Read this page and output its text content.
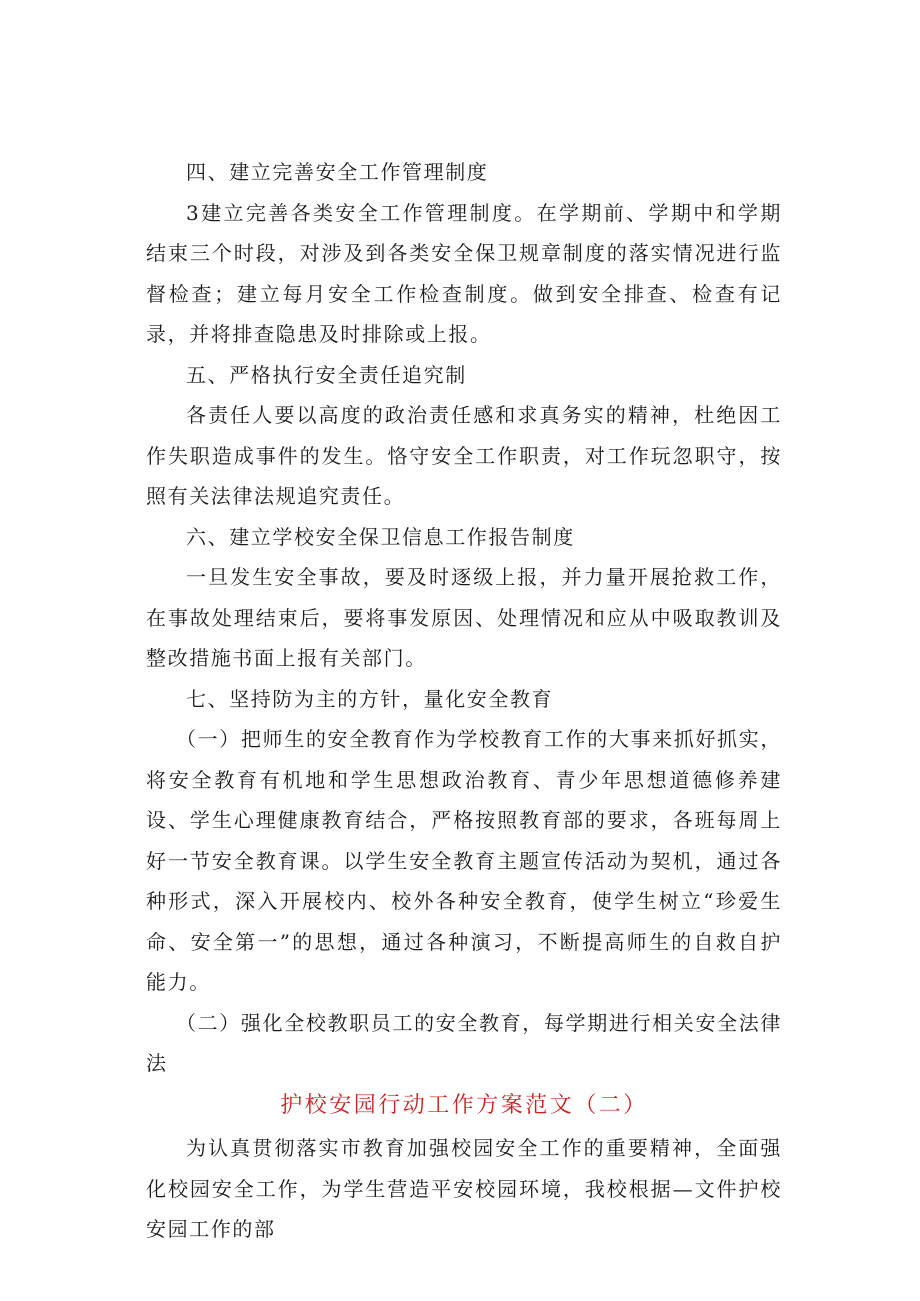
四、建立完善安全工作管理制度

3建立完善各类安全工作管理制度。在学期前、学期中和学期结束三个时段，对涉及到各类安全保卫规章制度的落实情况进行监督检查；建立每月安全工作检查制度。做到安全排查、检查有记录，并将排查隐患及时排除或上报。

五、严格执行安全责任追究制

各责任人要以高度的政治责任感和求真务实的精神，杜绝因工作失职造成事件的发生。恪守安全工作职责，对工作玩忽职守，按照有关法律法规追究责任。

六、建立学校安全保卫信息工作报告制度

一旦发生安全事故，要及时逐级上报，并力量开展抢救工作，在事故处理结束后，要将事发原因、处理情况和应从中吸取教训及整改措施书面上报有关部门。

七、坚持防为主的方针，量化安全教育

（一）把师生的安全教育作为学校教育工作的大事来抓好抓实，将安全教育有机地和学生思想政治教育、青少年思想道德修养建设、学生心理健康教育结合，严格按照教育部的要求，各班每周上好一节安全教育课。以学生安全教育主题宣传活动为契机，通过各种形式，深入开展校内、校外各种安全教育，使学生树立“珍爱生命、安全第一”的思想，通过各种演习，不断提高师生的自救自护能力。

（二）强化全校教职员工的安全教育，每学期进行相关安全法律法

护校安园行动工作方案范文（二）

为认真贯彻落实市教育加强校园安全工作的重要精神，全面强化校园安全工作，为学生营造平安校园环境，我校根据—文件护校安园工作的部
